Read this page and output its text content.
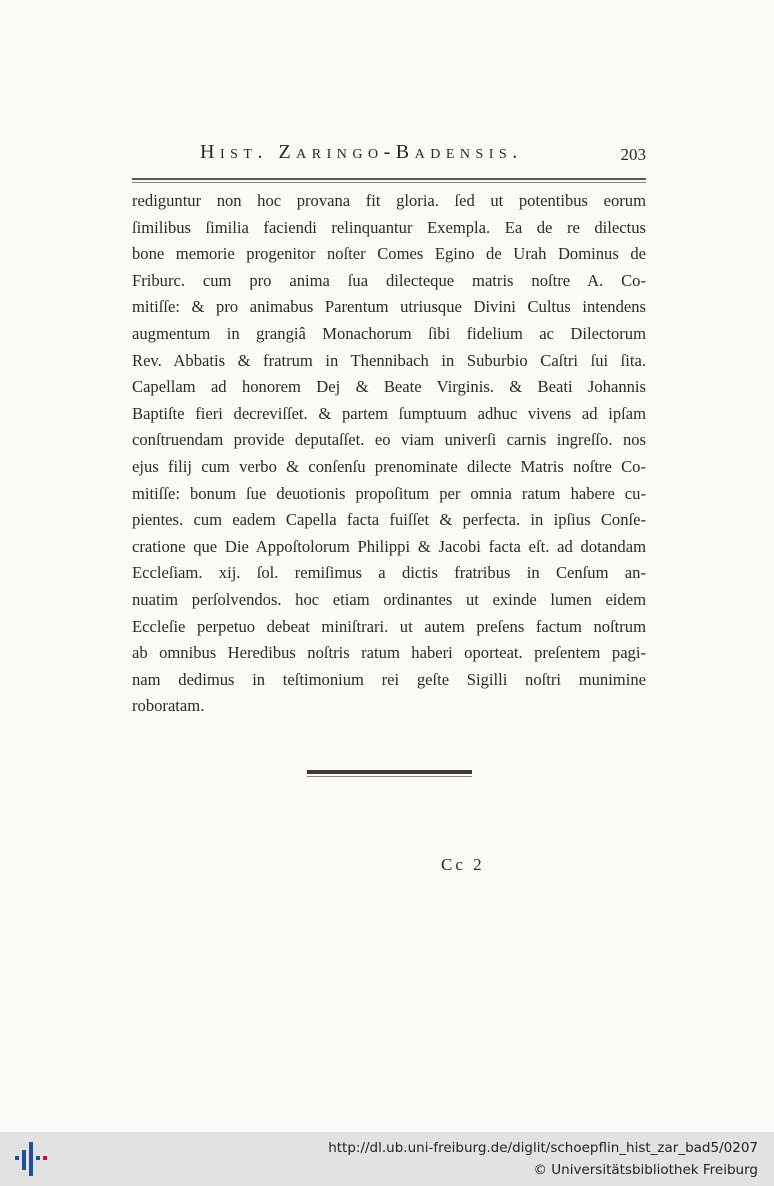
Hist. Zaringo-Badensis.	203
rediguntur non hoc provana fit gloria. ſed ut potentibus eorum
ſimilibus ſimilia faciendi relinquantur Exempla. Ea de re dilectus
bone memorie progenitor noſter Comes Egino de Urah Dominus de
Friburc. cum pro anima ſua dilecteque matris noſtre A. Co-
mitiſſe: & pro animabus Parentum utriusque Divini Cultus intendens
augmentum in grangiâ Monachorum ſibi fidelium ac Dilectorum
Rev. Abbatis & fratrum in Thennibach in Suburbio Caſtri ſui ſita.
Capellam ad honorem Dej & Beate Virginis. & Beati Johannis
Baptiſte fieri decreviſſet. & partem ſumptuum adhuc vivens ad ipſam
conſtruendam provide deputaſſet. eo viam univerſi carnis ingreſſo. nos
ejus filij cum verbo & conſenſu prenominate dilecte Matris noſtre Co-
mitiſſe: bonum ſue deuotionis propoſitum per omnia ratum habere cu-
pientes. cum eadem Capella facta fuiſſet & perfecta. in ipſius Conſe-
cratione que Die Appoſtolorum Philippi & Jacobi facta eſt. ad dotandam
Eccleſiam. xij. ſol. remiſimus a dictis fratribus in Cenſum an-
nuatim perſolvendos. hoc etiam ordinantes ut exinde lumen eidem
Eccleſie perpetuo debeat miniſtrari. ut autem preſens factum noſtrum
ab omnibus Heredibus noſtris ratum haberi oporteat. preſentem pagi-
nam dedimus in teſtimonium rei geſte Sigilli noſtri munimine
roboratam.
Cc 2
http://dl.ub.uni-freiburg.de/diglit/schoepflin_hist_zar_bad5/0207
© Universitätsbibliothek Freiburg
